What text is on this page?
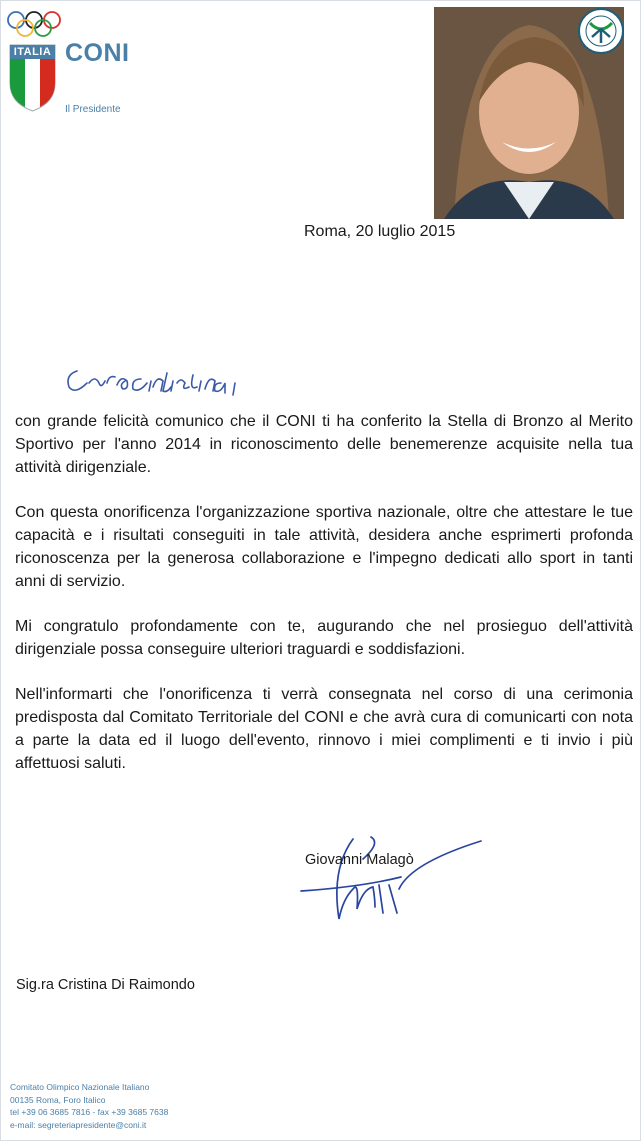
ITALIA CONI
Il Presidente
Roma, 20 luglio 2015

con grande felicità comunico che il CONI ti ha conferito la Stella di Bronzo al Merito Sportivo per l'anno 2014 in riconoscimento delle benemerenze acquisite nella tua attività dirigenziale.

Con questa onorificenza l'organizzazione sportiva nazionale, oltre che attestare le tue capacità e i risultati conseguiti in tale attività, desidera anche esprimerti profonda riconoscenza per la generosa collaborazione e l'impegno dedicati allo sport in tanti anni di servizio.

Mi congratulo profondamente con te, augurando che nel prosieguo dell'attività dirigenziale possa conseguire ulteriori traguardi e soddisfazioni.

Nell'informarti che l'onorificenza ti verrà consegnata nel corso di una cerimonia predisposta dal Comitato Territoriale del CONI e che avrà cura di comunicarti con nota a parte la data ed il luogo dell'evento, rinnovo i miei complimenti e ti invio i più affettuosi saluti.

Giovanni Malagò
Sig.ra Cristina Di Raimondo
Comitato Olimpico Nazionale Italiano
00135 Roma, Foro Italico
tel +39 06 3685 7816 - fax +39 3685 7638
e-mail: segreteriapresidente@coni.it
